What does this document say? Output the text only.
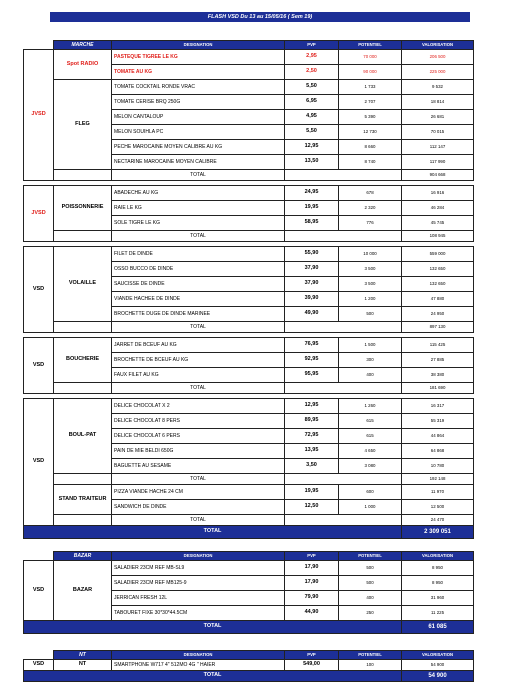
FLASH VSD Du 13 au 15/05/16 ( Sem 19)
	MARCHE	DESIGNATION	PVP	POTENTIEL	VALORISATION
JVSD	Spot RADIO	PASTEQUE TIGREE LE KG	2,95	70 000	206 500
		TOMATE AU KG	2,50	90 000	225 000
	FLEG	TOMATE COCKTAIL RONDE VRAC	5,50	1 733	9 532
		TOMATE CERISE BRQ 250G	6,95	2 707	18 814
		MELON CANTALOUP	4,95	5 390	26 681
		MELON SOUIHLA PC	5,50	12 730	70 015
		PECHE MAROCAINE MOYEN CALIBRE AU KG	12,95	8 660	112 147
		NECTARINE MAROCAINE MOYEN CALIBRE	13,50	8 740	117 990
		TOTAL			904 668

JVSD	POISSONNERIE	ABADECHE AU KG	24,95	678	16 916
		RAIE LE KG	19,95	2 320	46 284
		SOLE TIGRE LE KG	58,95	776	45 745
		TOTAL			108 945

VSD	VOLAILLE	FILET DE DINDE	55,90	10 000	559 000
		OSSO BUCCO DE DINDE	37,90	3 500	132 650
		SAUCISSE DE DINDE	37,90	3 500	132 650
		VIANDE HACHEE DE DINDE	39,90	1 200	47 880
		BROCHETTE DUGE DE DINDE MARINEE	49,90	500	24 950
		TOTAL			897 130

VSD	BOUCHERIE	JARRET DE BCEUF AU KG	76,95	1 500	115 425
		BROCHETTE DE BCEUF AU KG	92,95	300	27 885
		FAUX FILET AU KG	95,95	400	38 380
		TOTAL			181 690

VSD	BOUL-PAT	DELICE CHOCOLAT X 2	12,95	1 260	16 317
		DELICE CHOCOLAT 8 PERS	89,95	615	55 319
		DELICE CHOCOLAT 6 PERS	72,95	615	44 864
		PAIN DE MIE BELDI 650G	13,95	4 650	64 868
		BAGUETTE AU SESAME	3,50	3 080	10 780
		TOTAL			192 148
	STAND TRAITEUR	PIZZA VIANDE HACHE 24 CM	19,95	600	11 970
		SANDWICH DE DINDE	12,50	1 000	12 500
		TOTAL			24 470
TOTAL					2 309 051
	BAZAR	DESIGNATION	PVP	POTENTIEL	VALORISATION
VSD	BAZAR	SALADIER 23CM REF MB-SL9	17,90	500	8 950
		SALADIER 23CM REF MB125-9	17,90	500	8 950
		JERRICAN FRESH 12L	79,90	400	31 960
		TABOURET FIXE 30*30*44.5CM	44,90	250	11 225
TOTAL					61 085
	NT	DESIGNATION	PVP	POTENTIEL	VALORISATION
VSD	NT	SMARTPHONE W717 4" 512MO 4G " HAIER	549,00	100	54 900
TOTAL					54 900
